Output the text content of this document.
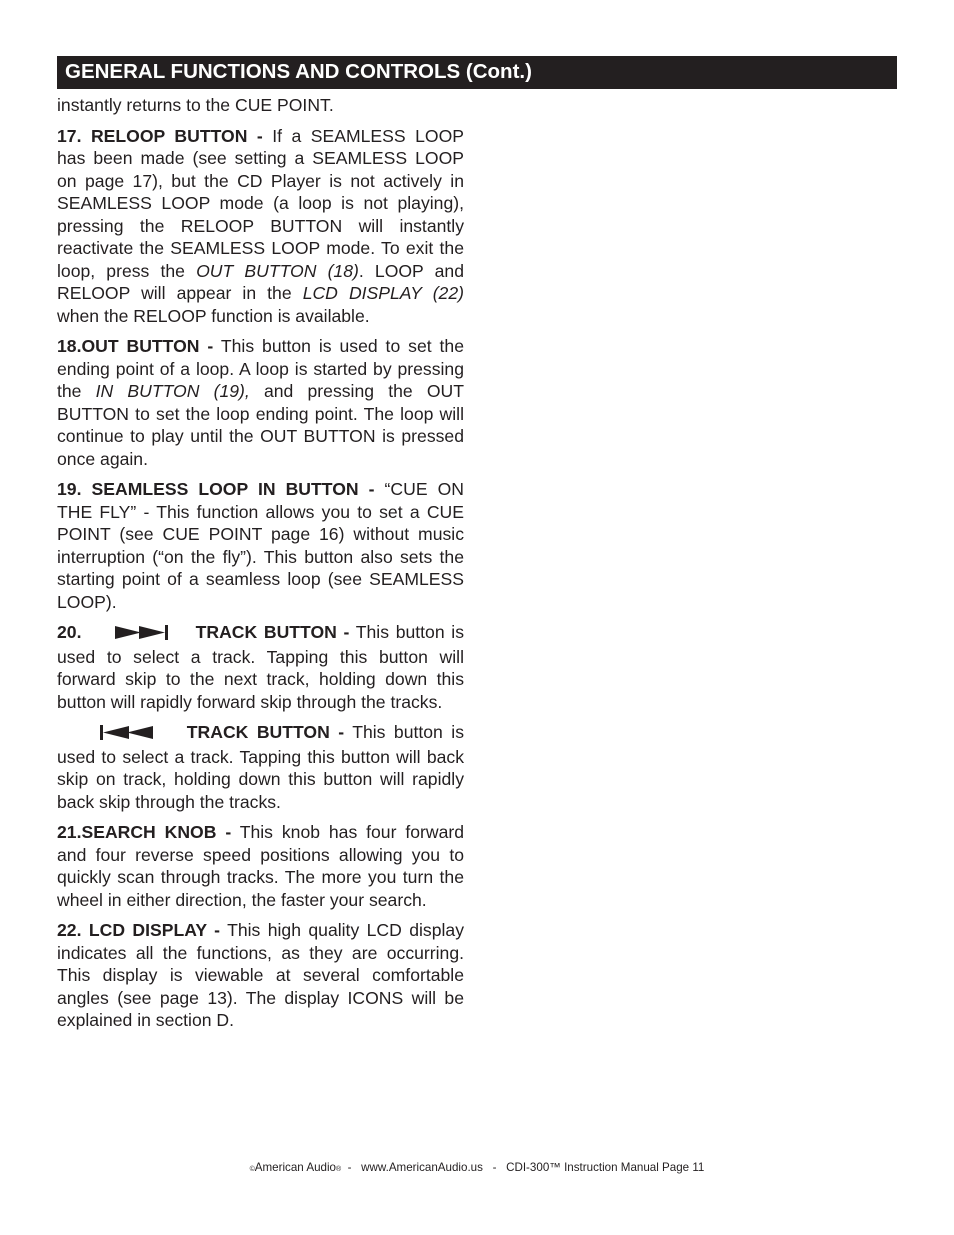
GENERAL FUNCTIONS AND CONTROLS (Cont.)

instantly returns to the CUE POINT.

17. RELOOP BUTTON - If a SEAMLESS LOOP has been made (see setting a SEAMLESS LOOP on page 17), but the CD Player is not actively in SEAMLESS LOOP mode (a loop is not playing), pressing the RELOOP BUTTON will instantly reactivate the SEAMLESS LOOP mode. To exit the loop, press the OUT BUTTON (18). LOOP and RELOOP will appear in the LCD DISPLAY (22) when the RELOOP function is available.

18.OUT BUTTON - This button is used to set the ending point of a loop. A loop is started by pressing the IN BUTTON (19), and pressing the OUT BUTTON to set the loop ending point. The loop will continue to play until the OUT BUTTON is pressed once again.

19. SEAMLESS LOOP IN BUTTON - “CUE ON THE FLY” - This function allows you to set a CUE POINT (see CUE POINT page 16) without music interruption (“on the fly”). This button also sets the starting point of a seamless loop (see SEAMLESS LOOP).

20.	TRACK BUTTON - This button is used to select a track. Tapping this button will forward skip to the next track, holding down this button will rapidly forward skip through the tracks.

TRACK BUTTON - This button is used to select a track. Tapping this button will back skip on track, holding down this button will rapidly back skip through the tracks.

21.SEARCH KNOB - This knob has four forward and four reverse speed positions allowing you to quickly scan through tracks. The more you turn the wheel in either direction, the faster your search.

22. LCD DISPLAY - This high quality LCD display indicates all the functions, as they are occurring. This display is viewable at several comfortable angles (see page 13). The display ICONS will be explained in section D.

©American Audio®  -   www.AmericanAudio.us   -   CDI-300™ Instruction Manual Page 11
